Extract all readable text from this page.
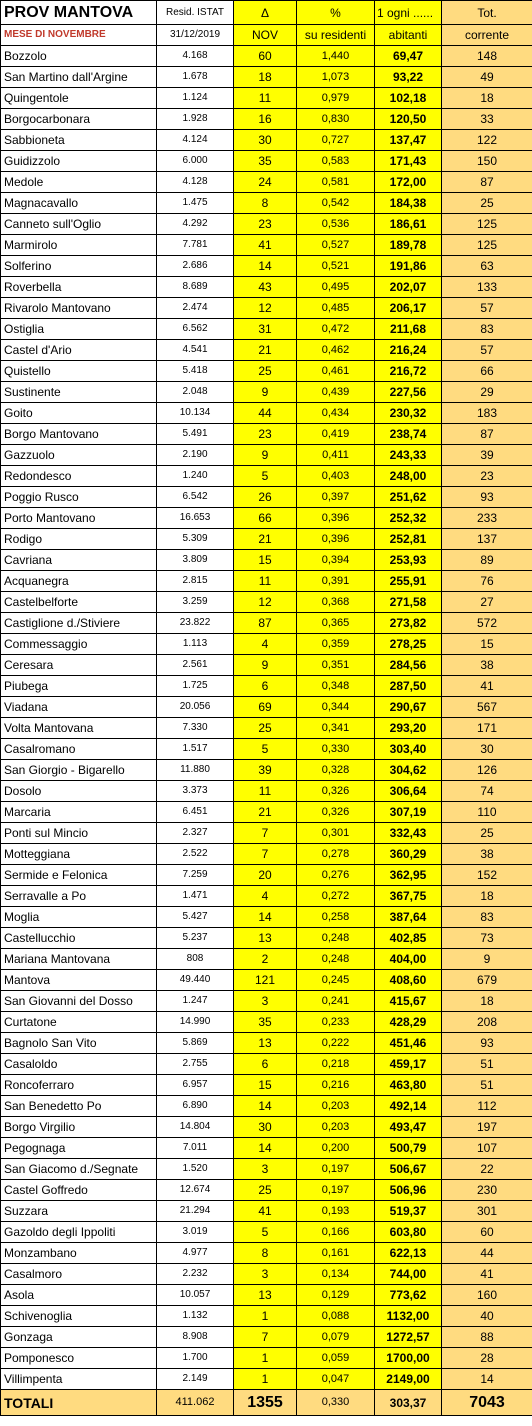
PROV MANTOVA	Resid. ISTAT	Δ	%	1 ogni ......	Tot.
MESE DI NOVEMBRE	31/12/2019	NOV	su residenti	abitanti	corrente
Bozzolo	4.168	60	1,440	69,47	148
San Martino dall'Argine	1.678	18	1,073	93,22	49
Quingentole	1.124	11	0,979	102,18	18
Borgocarbonara	1.928	16	0,830	120,50	33
Sabbioneta	4.124	30	0,727	137,47	122
Guidizzolo	6.000	35	0,583	171,43	150
Medole	4.128	24	0,581	172,00	87
Magnacavallo	1.475	8	0,542	184,38	25
Canneto sull'Oglio	4.292	23	0,536	186,61	125
Marmirolo	7.781	41	0,527	189,78	125
Solferino	2.686	14	0,521	191,86	63
Roverbella	8.689	43	0,495	202,07	133
Rivarolo Mantovano	2.474	12	0,485	206,17	57
Ostiglia	6.562	31	0,472	211,68	83
Castel d'Ario	4.541	21	0,462	216,24	57
Quistello	5.418	25	0,461	216,72	66
Sustinente	2.048	9	0,439	227,56	29
Goito	10.134	44	0,434	230,32	183
Borgo Mantovano	5.491	23	0,419	238,74	87
Gazzuolo	2.190	9	0,411	243,33	39
Redondesco	1.240	5	0,403	248,00	23
Poggio Rusco	6.542	26	0,397	251,62	93
Porto Mantovano	16.653	66	0,396	252,32	233
Rodigo	5.309	21	0,396	252,81	137
Cavriana	3.809	15	0,394	253,93	89
Acquanegra	2.815	11	0,391	255,91	76
Castelbelforte	3.259	12	0,368	271,58	27
Castiglione d./Stiviere	23.822	87	0,365	273,82	572
Commessaggio	1.113	4	0,359	278,25	15
Ceresara	2.561	9	0,351	284,56	38
Piubega	1.725	6	0,348	287,50	41
Viadana	20.056	69	0,344	290,67	567
Volta Mantovana	7.330	25	0,341	293,20	171
Casalromano	1.517	5	0,330	303,40	30
San Giorgio - Bigarello	11.880	39	0,328	304,62	126
Dosolo	3.373	11	0,326	306,64	74
Marcaria	6.451	21	0,326	307,19	110
Ponti sul Mincio	2.327	7	0,301	332,43	25
Motteggiana	2.522	7	0,278	360,29	38
Sermide e Felonica	7.259	20	0,276	362,95	152
Serravalle a Po	1.471	4	0,272	367,75	18
Moglia	5.427	14	0,258	387,64	83
Castellucchio	5.237	13	0,248	402,85	73
Mariana Mantovana	808	2	0,248	404,00	9
Mantova	49.440	121	0,245	408,60	679
San Giovanni del Dosso	1.247	3	0,241	415,67	18
Curtatone	14.990	35	0,233	428,29	208
Bagnolo San Vito	5.869	13	0,222	451,46	93
Casaloldo	2.755	6	0,218	459,17	51
Roncoferraro	6.957	15	0,216	463,80	51
San Benedetto Po	6.890	14	0,203	492,14	112
Borgo Virgilio	14.804	30	0,203	493,47	197
Pegognaga	7.011	14	0,200	500,79	107
San Giacomo d./Segnate	1.520	3	0,197	506,67	22
Castel Goffredo	12.674	25	0,197	506,96	230
Suzzara	21.294	41	0,193	519,37	301
Gazoldo degli Ippoliti	3.019	5	0,166	603,80	60
Monzambano	4.977	8	0,161	622,13	44
Casalmoro	2.232	3	0,134	744,00	41
Asola	10.057	13	0,129	773,62	160
Schivenoglia	1.132	1	0,088	1132,00	40
Gonzaga	8.908	7	0,079	1272,57	88
Pomponesco	1.700	1	0,059	1700,00	28
Villimpenta	2.149	1	0,047	2149,00	14
TOTALI	411.062	1355	0,330	303,37	7043
